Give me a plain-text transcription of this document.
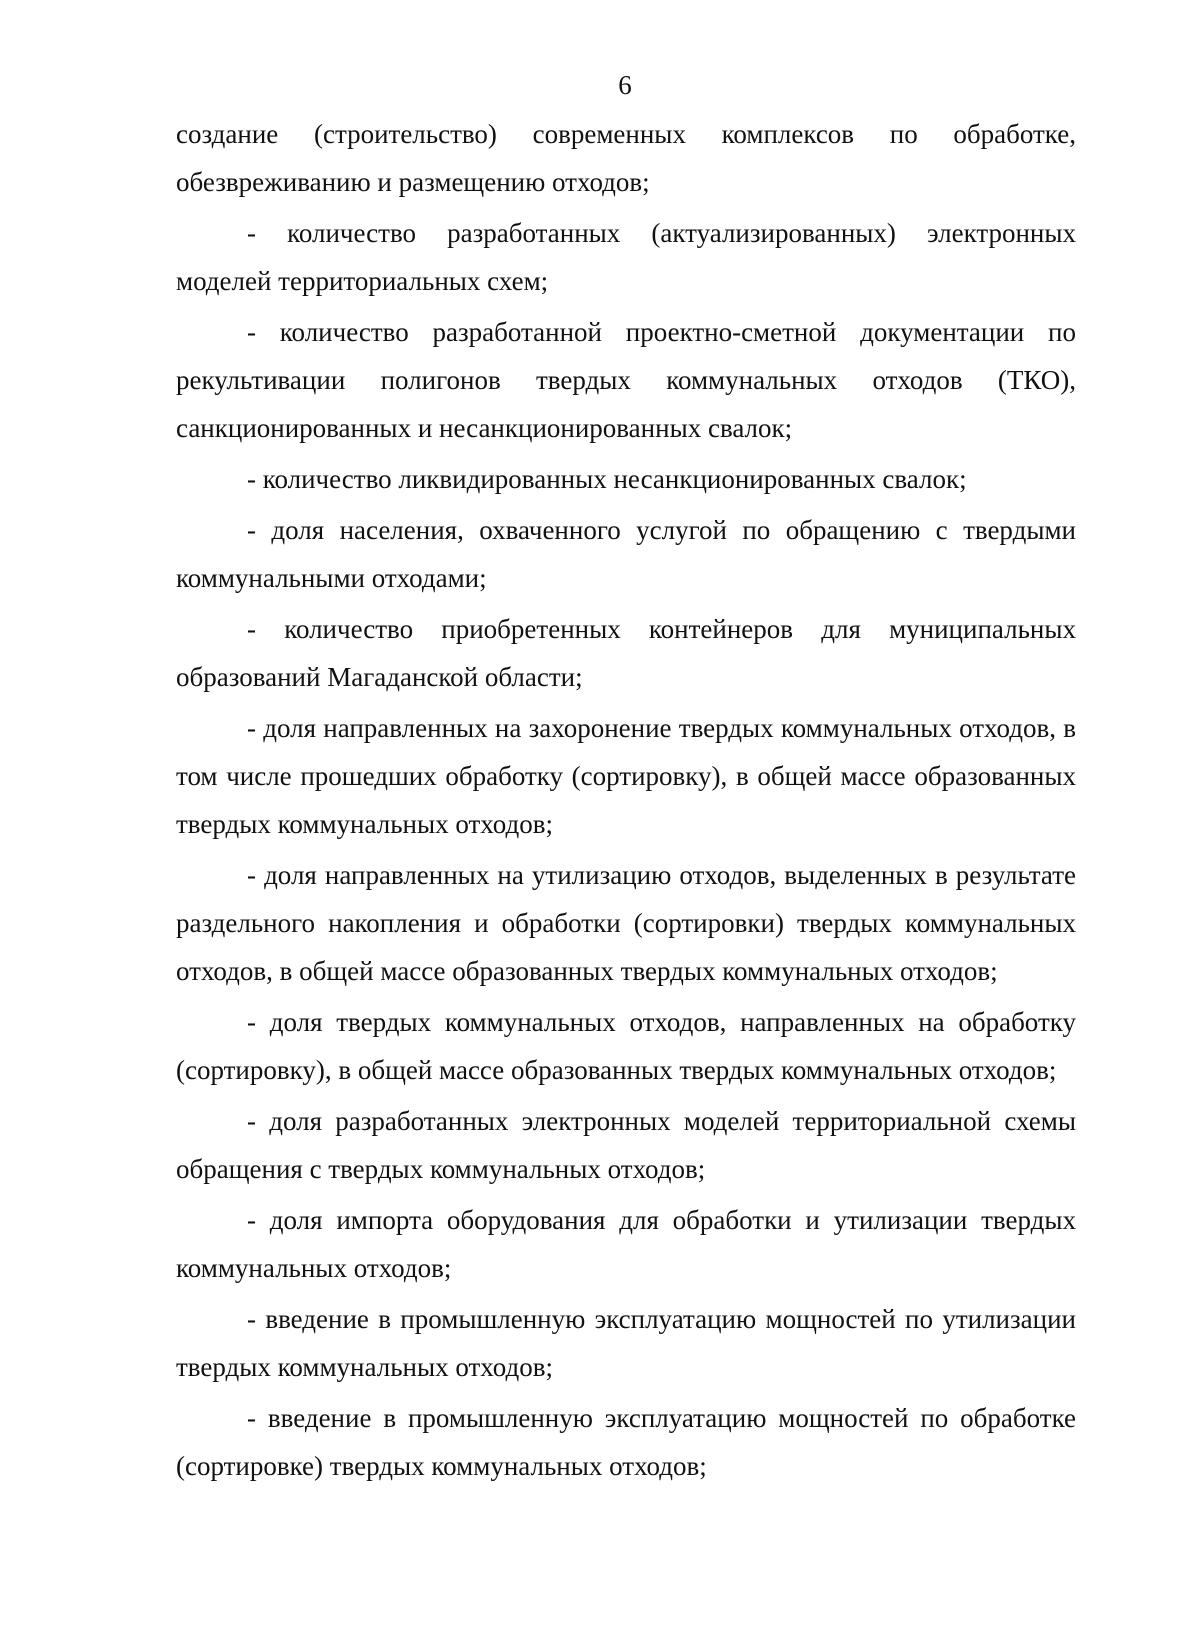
6

создание (строительство) современных комплексов по обработке, обезвреживанию и размещению отходов;

- количество разработанных (актуализированных) электронных моделей территориальных схем;

- количество разработанной проектно-сметной документации по рекультивации полигонов твердых коммунальных отходов (ТКО), санкционированных и несанкционированных свалок;

- количество ликвидированных несанкционированных свалок;

- доля населения, охваченного услугой по обращению с твердыми коммунальными отходами;

- количество приобретенных контейнеров для муниципальных образований Магаданской области;

- доля направленных на захоронение твердых коммунальных отходов, в том числе прошедших обработку (сортировку), в общей массе образованных твердых коммунальных отходов;

- доля направленных на утилизацию отходов, выделенных в результате раздельного накопления и обработки (сортировки) твердых коммунальных отходов, в общей массе образованных твердых коммунальных отходов;

- доля твердых коммунальных отходов, направленных на обработку (сортировку), в общей массе образованных твердых коммунальных отходов;

- доля разработанных электронных моделей территориальной схемы обращения с твердых коммунальных отходов;

- доля импорта оборудования для обработки и утилизации твердых коммунальных отходов;

- введение в промышленную эксплуатацию мощностей по утилизации твердых коммунальных отходов;

- введение в промышленную эксплуатацию мощностей по обработке (сортировке) твердых коммунальных отходов;
